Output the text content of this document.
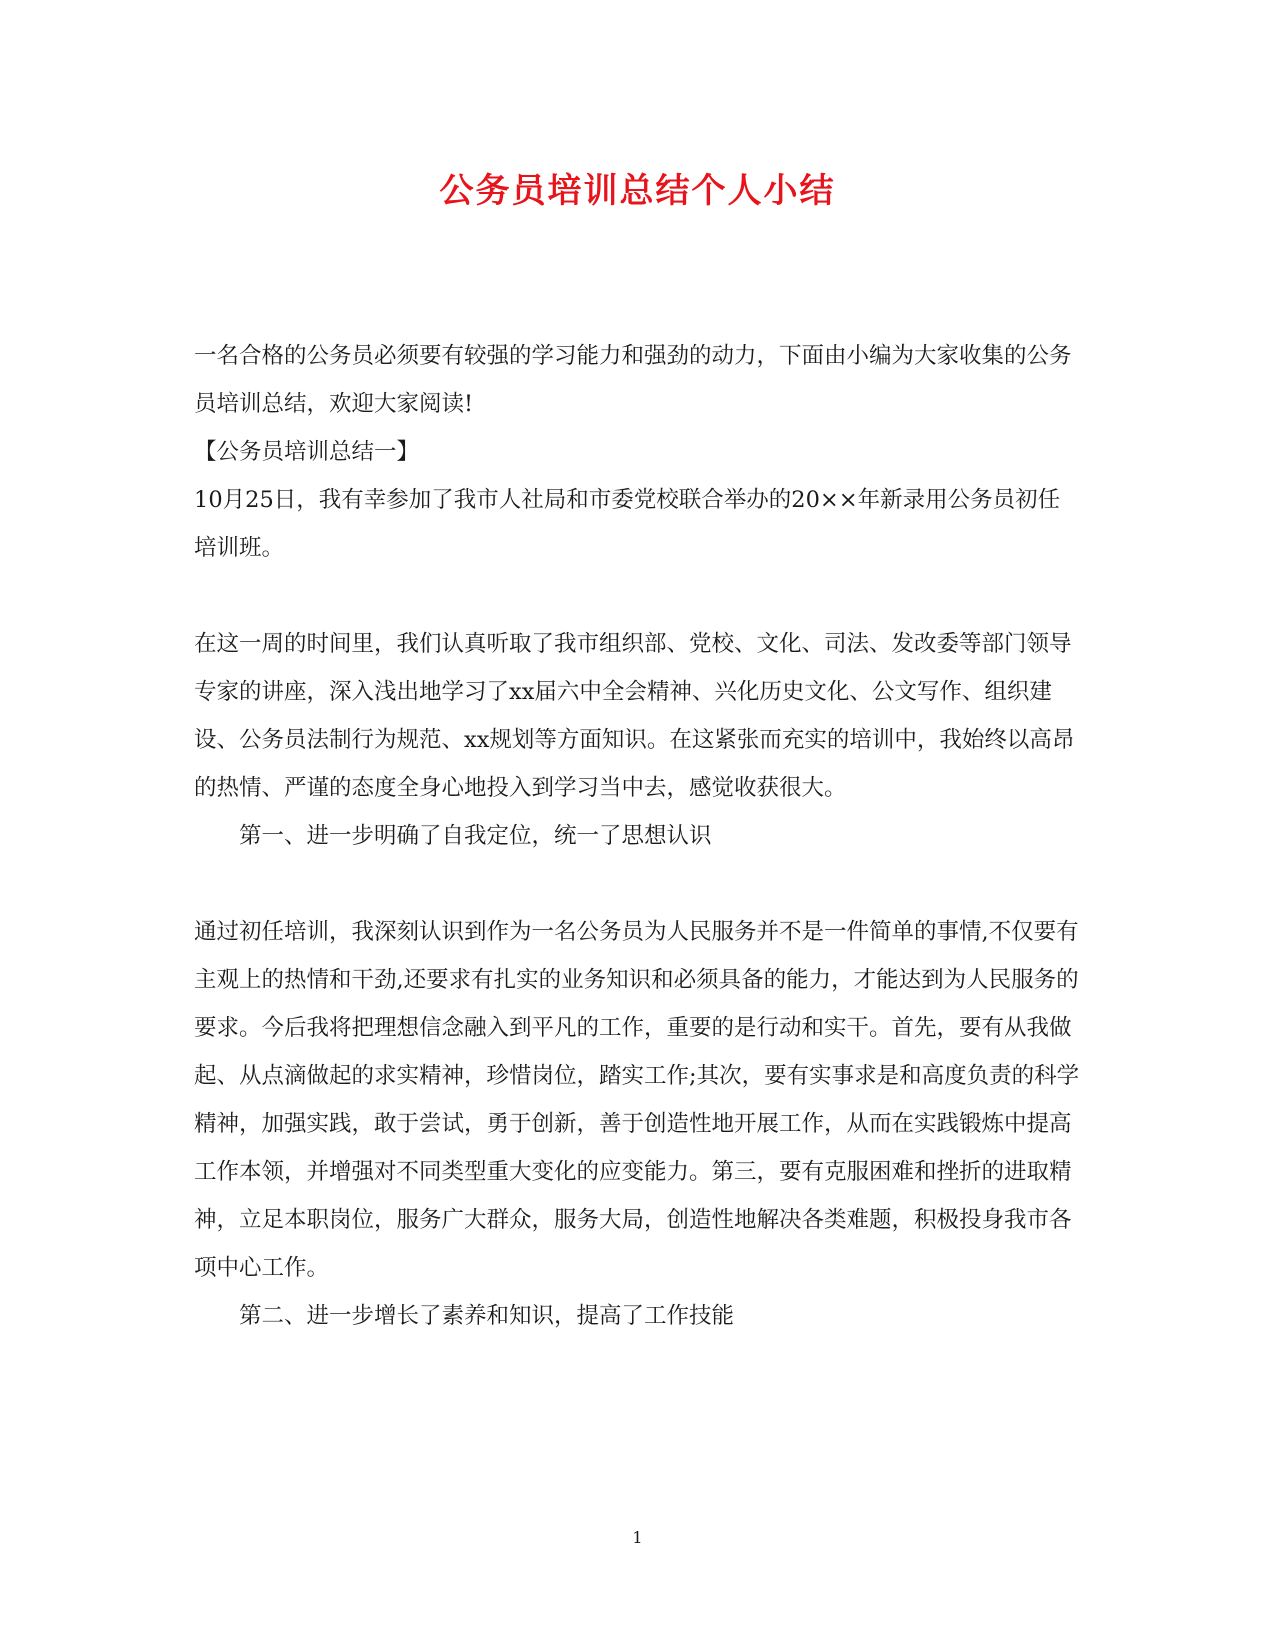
公务员培训总结个人小结

一名合格的公务员必须要有较强的学习能力和强劲的动力，下面由小编为大家收集的公务员培训总结，欢迎大家阅读!

【公务员培训总结一】

10月25日，我有幸参加了我市人社局和市委党校联合举办的20××年新录用公务员初任培训班。

在这一周的时间里，我们认真听取了我市组织部、党校、文化、司法、发改委等部门领导专家的讲座，深入浅出地学习了xx届六中全会精神、兴化历史文化、公文写作、组织建设、公务员法制行为规范、xx规划等方面知识。在这紧张而充实的培训中，我始终以高昂的热情、严谨的态度全身心地投入到学习当中去，感觉收获很大。

第一、进一步明确了自我定位，统一了思想认识

通过初任培训，我深刻认识到作为一名公务员为人民服务并不是一件简单的事情,不仅要有主观上的热情和干劲,还要求有扎实的业务知识和必须具备的能力，才能达到为人民服务的要求。今后我将把理想信念融入到平凡的工作，重要的是行动和实干。首先，要有从我做起、从点滴做起的求实精神，珍惜岗位，踏实工作;其次，要有实事求是和高度负责的科学精神，加强实践，敢于尝试，勇于创新，善于创造性地开展工作，从而在实践锻炼中提高工作本领，并增强对不同类型重大变化的应变能力。第三，要有克服困难和挫折的进取精神，立足本职岗位，服务广大群众，服务大局，创造性地解决各类难题，积极投身我市各项中心工作。

第二、进一步增长了素养和知识，提高了工作技能

1
